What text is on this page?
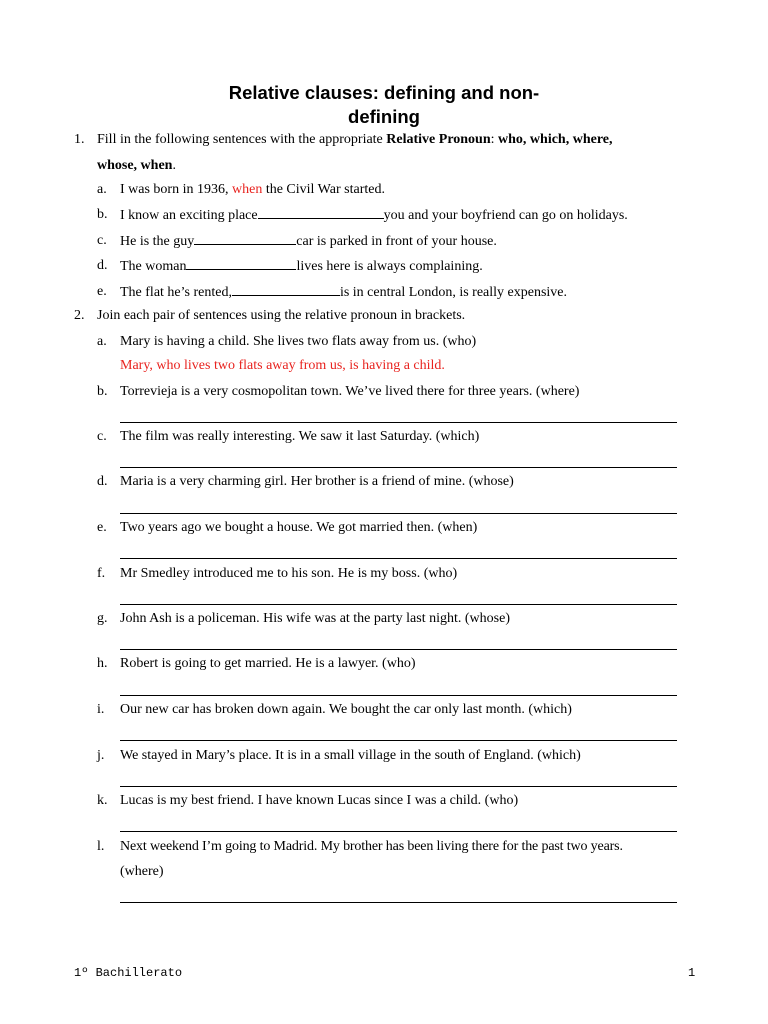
Relative clauses: defining and non-
defining
1. Fill in the following sentences with the appropriate Relative Pronoun: who, which, where,
whose, when.
a. I was born in 1936, when the Civil War started.
b. I know an exciting place	you and your boyfriend can go on holidays.
c. He is the guy	car is parked in front of your house.
d. The woman	lives here is always complaining.
e. The flat he’s rented,	is in central London, is really expensive.
2. Join each pair of sentences using the relative pronoun in brackets.
a. Mary is having a child. She lives two flats away from us. (who)
Mary, who lives two flats away from us, is having a child.
b. Torrevieja is a very cosmopolitan town. We’ve lived there for three years. (where)
c. The film was really interesting. We saw it last Saturday. (which)
d. Maria is a very charming girl. Her brother is a friend of mine. (whose)
e. Two years ago we bought a house. We got married then. (when)
f. Mr Smedley introduced me to his son. He is my boss. (who)
g. John Ash is a policeman. His wife was at the party last night. (whose)
h. Robert is going to get married. He is a lawyer. (who)
i. Our new car has broken down again. We bought the car only last month. (which)
j. We stayed in Mary’s place. It is in a small village in the south of England. (which)
k. Lucas is my best friend. I have known Lucas since I was a child. (who)
l. Next weekend I’m going to Madrid. My brother has been living there for the past two years.
(where)
1º Bachillerato	1
